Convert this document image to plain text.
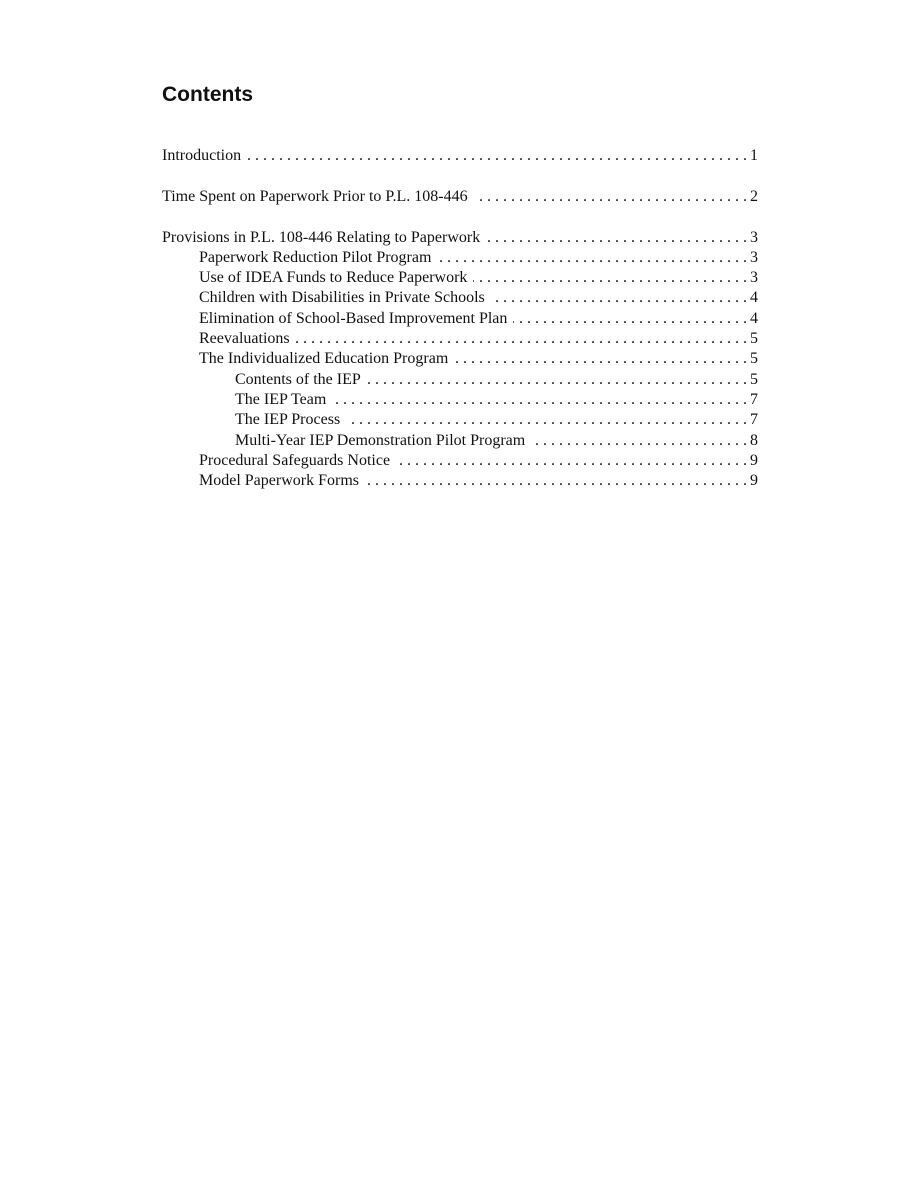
Contents
Introduction . . .	1
Time Spent on Paperwork Prior to P.L. 108-446 . . .	2
Provisions in P.L. 108-446 Relating to Paperwork . . .	3
Paperwork Reduction Pilot Program . . .	3
Use of IDEA Funds to Reduce Paperwork . . .	3
Children with Disabilities in Private Schools . . .	4
Elimination of School-Based Improvement Plan . . .	4
Reevaluations . . .	5
The Individualized Education Program . . .	5
Contents of the IEP . . .	5
The IEP Team . . .	7
The IEP Process . . .	7
Multi-Year IEP Demonstration Pilot Program . . .	8
Procedural Safeguards Notice . . .	9
Model Paperwork Forms . . .	9
